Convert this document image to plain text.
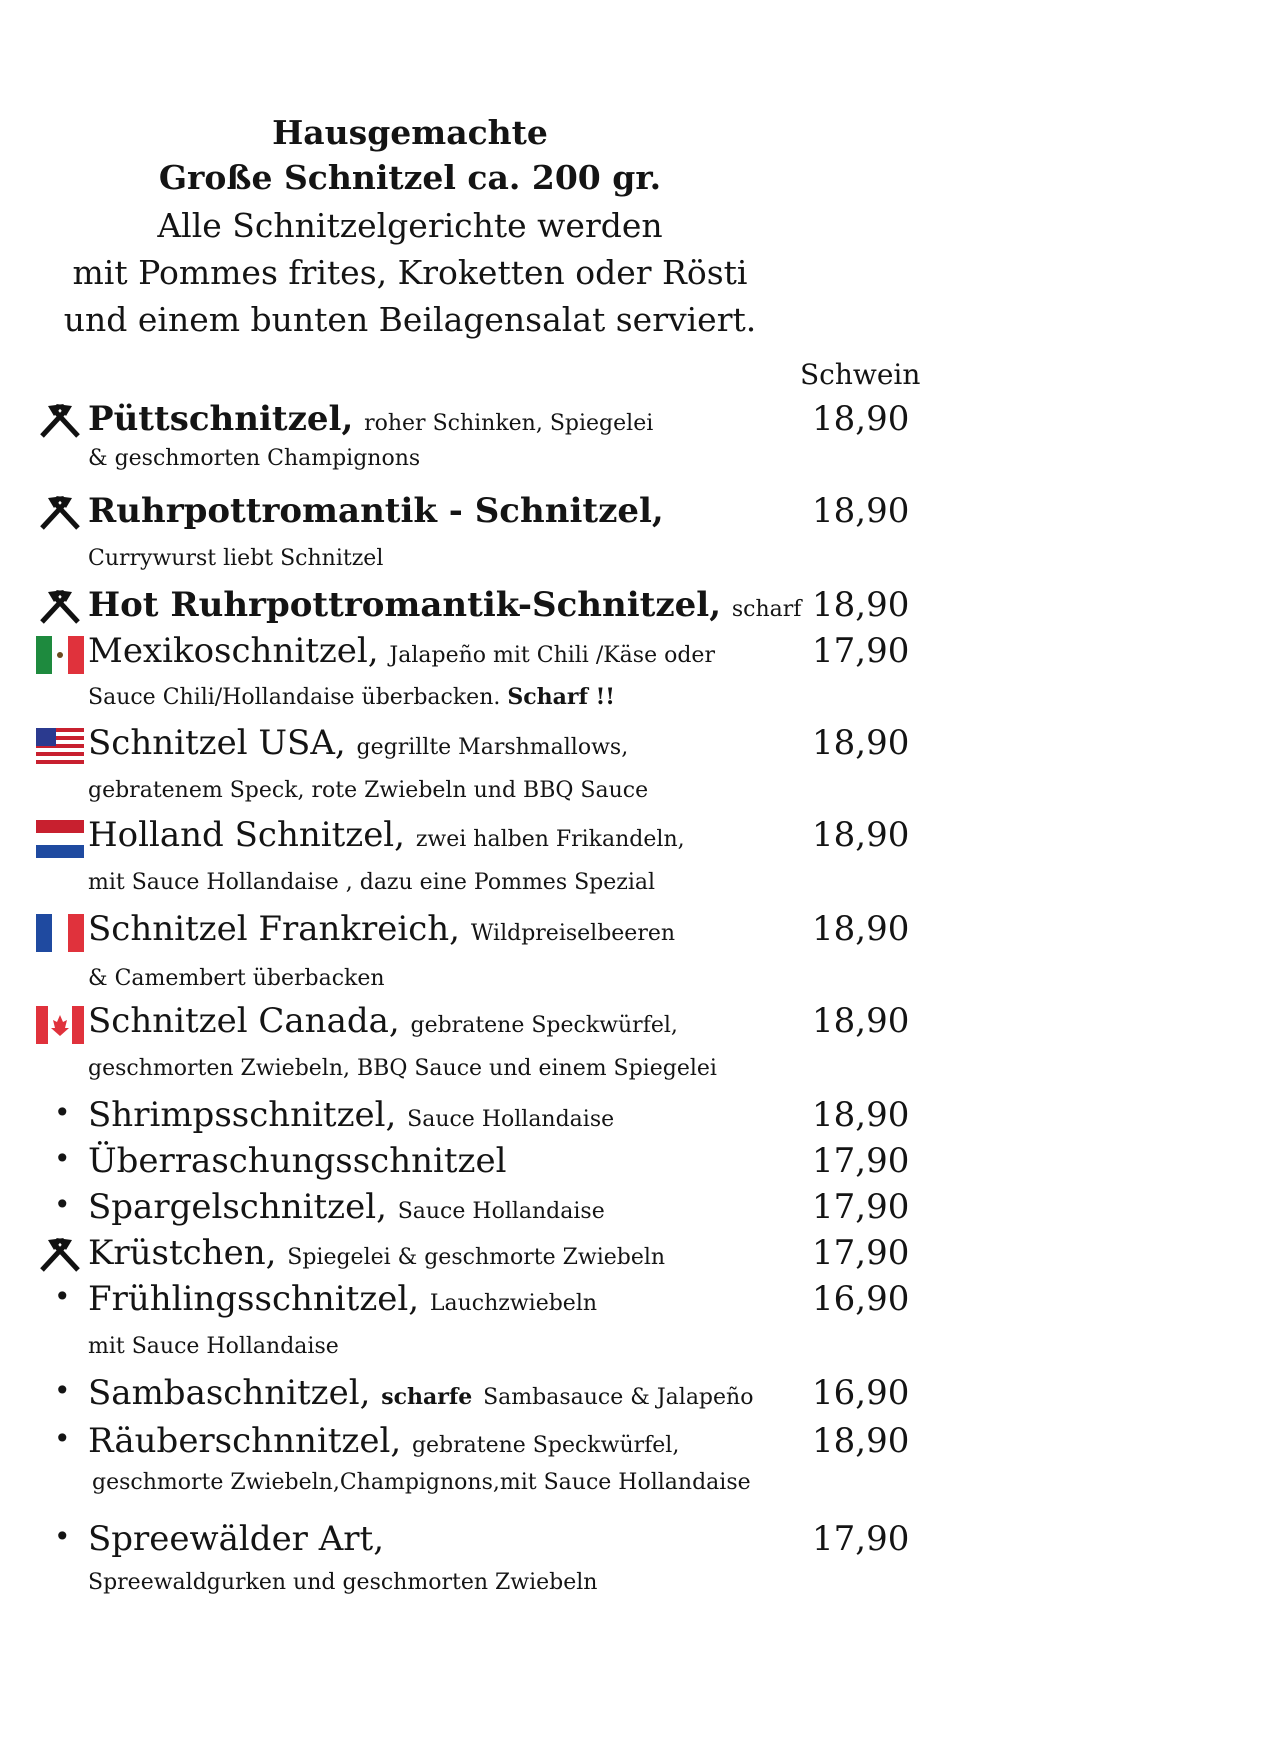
Hausgemachte
Große Schnitzel ca. 200 gr.
Alle Schnitzelgerichte werden
mit Pommes frites, Kroketten oder Rösti
und einem bunten Beilagensalat serviert.
Schwein
Püttschnitzel, roher Schinken, Spiegelei	18,90
& geschmorten Champignons
Ruhrpottromantik - Schnitzel,	18,90
Currywurst liebt Schnitzel
Hot Ruhrpottromantik-Schnitzel, scharf 18,90
Mexikoschnitzel, Jalapeño mit Chili /Käse oder	17,90
Sauce Chili/Hollandaise überbacken. Scharf !!
Schnitzel USA, gegrillte Marshmallows,	18,90
gebratenem Speck, rote Zwiebeln und BBQ Sauce
Holland Schnitzel, zwei halben Frikandeln,	18,90
mit Sauce Hollandaise , dazu eine Pommes Spezial
Schnitzel Frankreich, Wildpreiselbeeren	18,90
& Camembert überbacken
Schnitzel Canada, gebratene Speckwürfel,	18,90
geschmorten Zwiebeln, BBQ Sauce und einem Spiegelei
• Shrimpsschnitzel, Sauce Hollandaise	18,90
• Überraschungsschnitzel	17,90
• Spargelschnitzel, Sauce Hollandaise	17,90
Krüstchen, Spiegelei & geschmorte Zwiebeln	17,90
• Frühlingsschnitzel, Lauchzwiebeln	16,90
mit Sauce Hollandaise
• Sambaschnitzel, scharfe Sambasauce & Jalapeño 16,90
• Räuberschnnitzel, gebratene Speckwürfel,	18,90
geschmorte Zwiebeln,Champignons,mit Sauce Hollandaise
• Spreewälder Art,	17,90
Spreewaldgurken und geschmorten Zwiebeln
